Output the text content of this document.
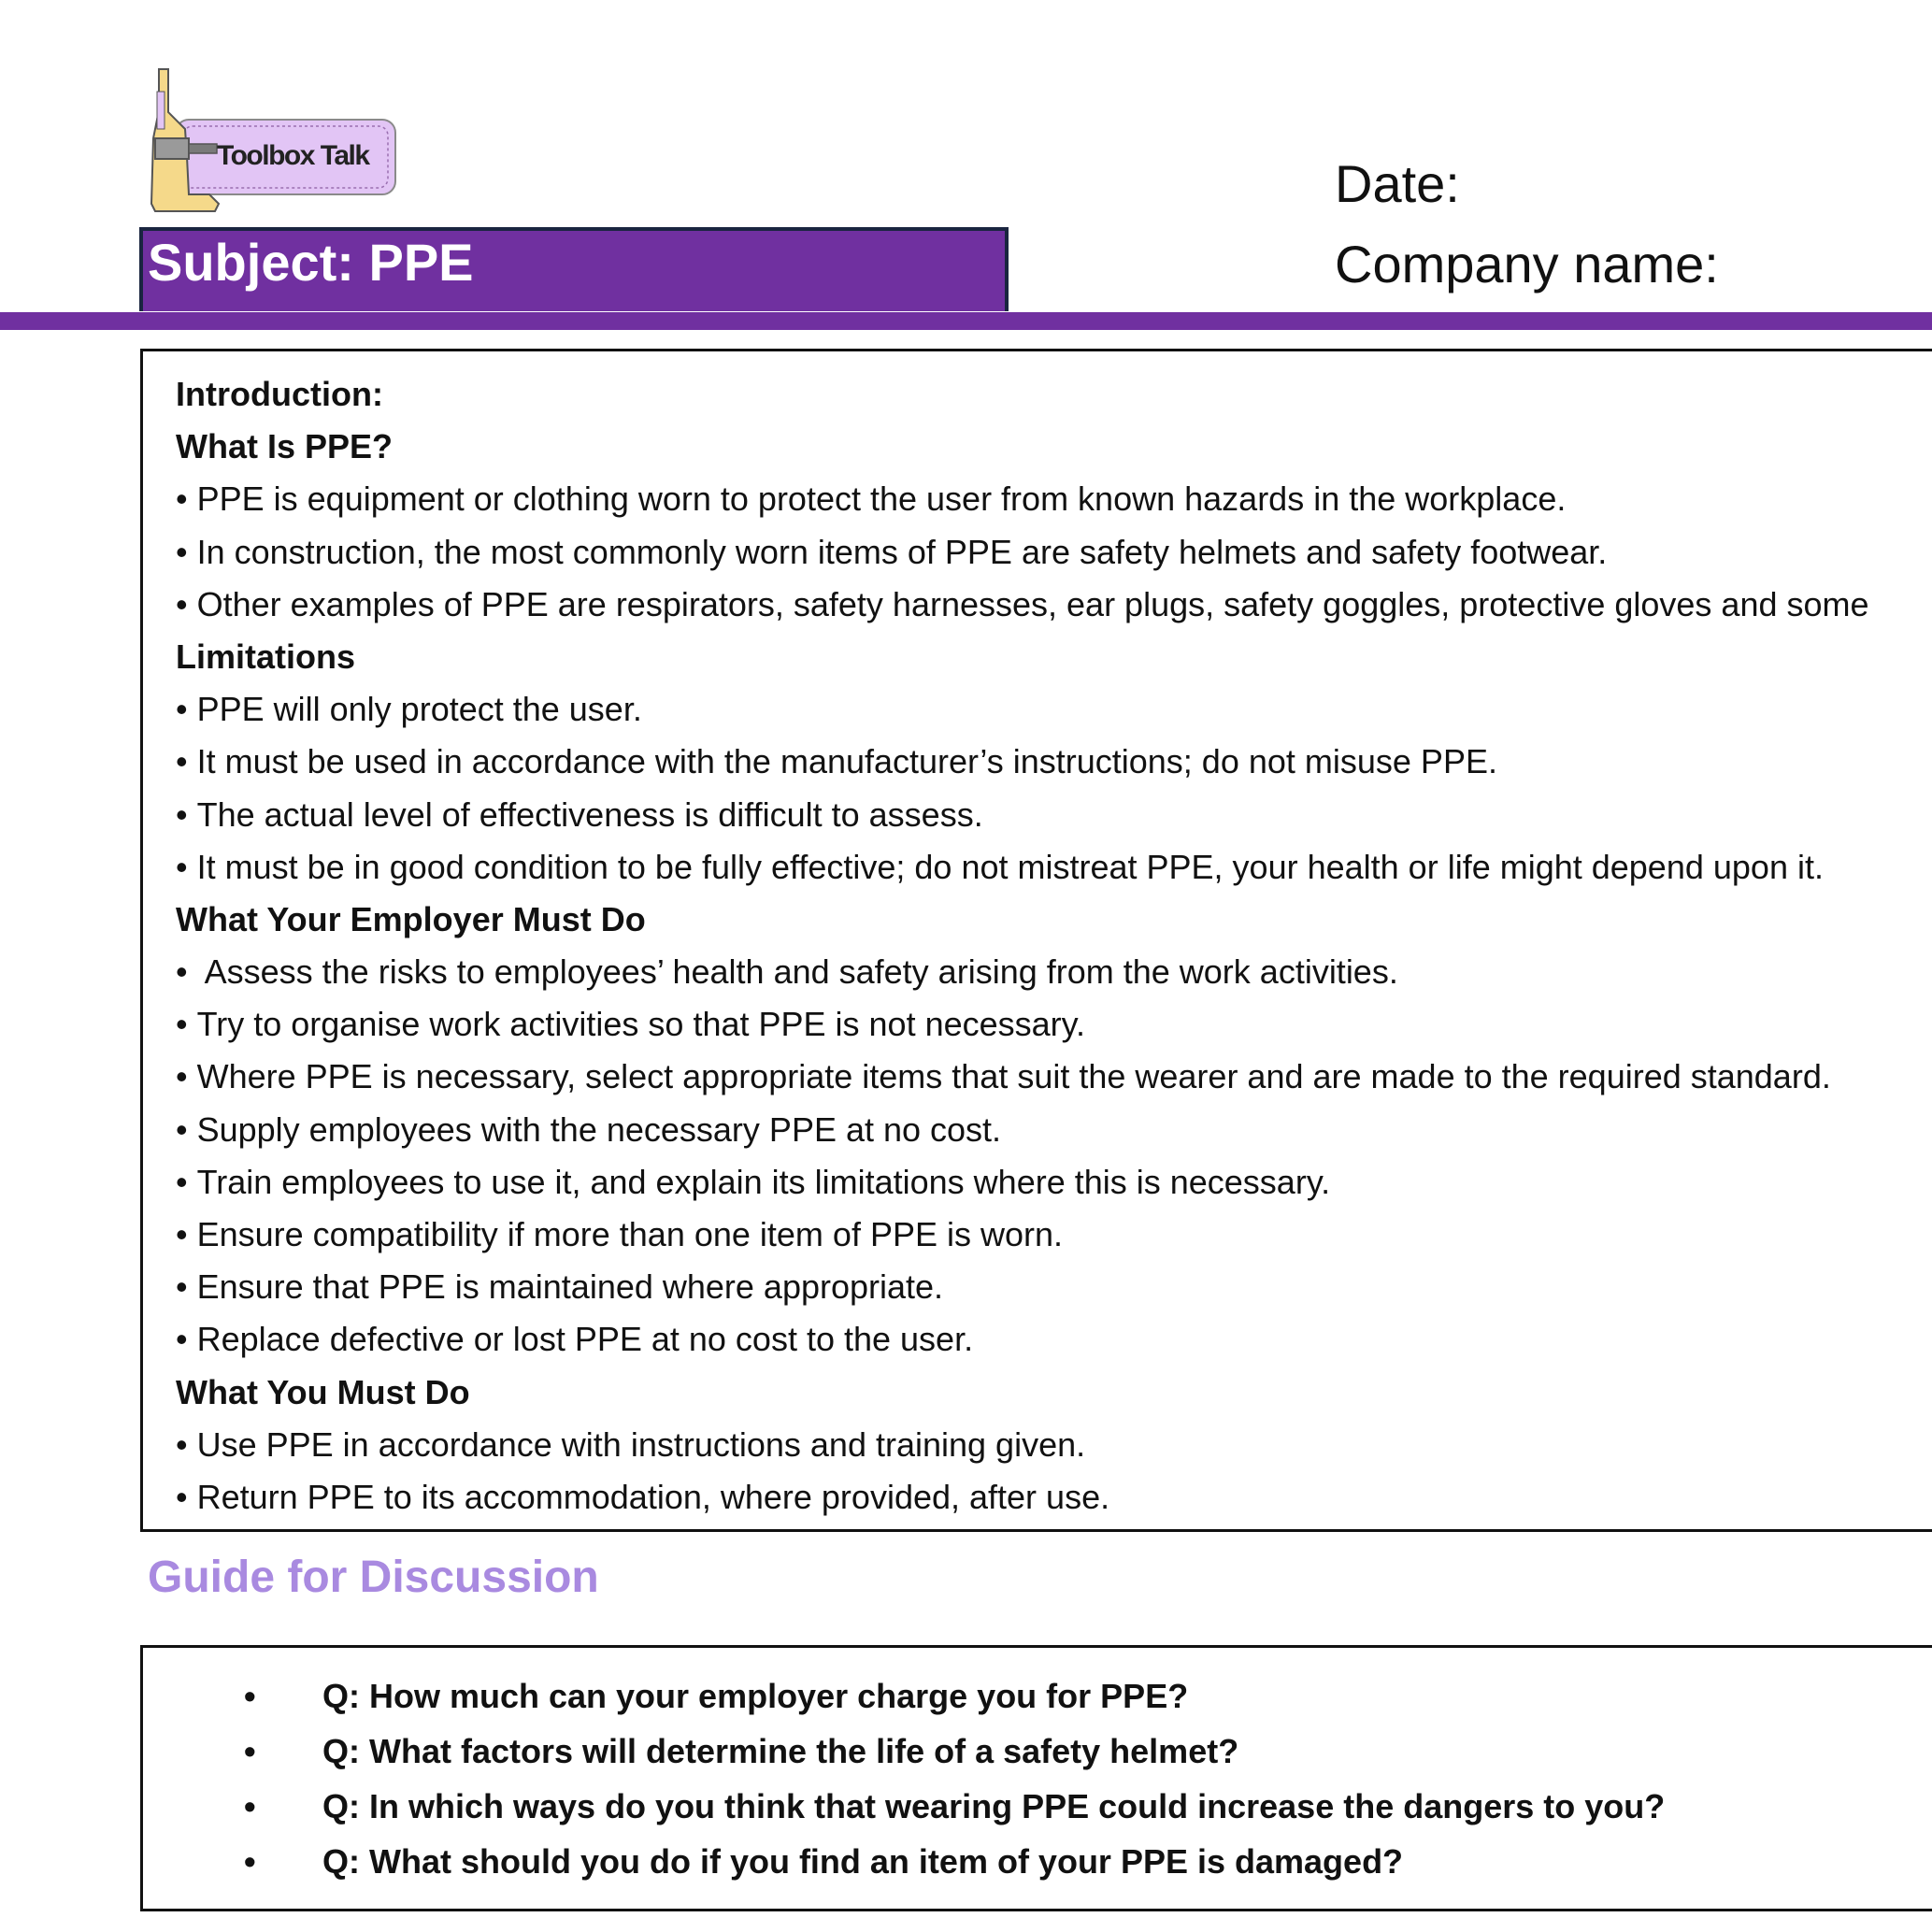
Toolbox Talk
Subject: PPE
Date:
Company name:
Introduction:
What Is PPE?
• PPE is equipment or clothing worn to protect the user from known hazards in the workplace.
• In construction, the most commonly worn items of PPE are safety helmets and safety footwear.
• Other examples of PPE are respirators, safety harnesses, ear plugs, safety goggles, protective gloves and some
Limitations
• PPE will only protect the user.
• It must be used in accordance with the manufacturer’s instructions; do not misuse PPE.
• The actual level of effectiveness is difficult to assess.
• It must be in good condition to be fully effective; do not mistreat PPE, your health or life might depend upon it.
What Your Employer Must Do
•  Assess the risks to employees’ health and safety arising from the work activities.
• Try to organise work activities so that PPE is not necessary.
• Where PPE is necessary, select appropriate items that suit the wearer and are made to the required standard.
• Supply employees with the necessary PPE at no cost.
• Train employees to use it, and explain its limitations where this is necessary.
• Ensure compatibility if more than one item of PPE is worn.
• Ensure that PPE is maintained where appropriate.
• Replace defective or lost PPE at no cost to the user.
What You Must Do
• Use PPE in accordance with instructions and training given.
• Return PPE to its accommodation, where provided, after use.
Guide for Discussion
• Q: How much can your employer charge you for PPE?
• Q: What factors will determine the life of a safety helmet?
• Q: In which ways do you think that wearing PPE could increase the dangers to you?
• Q: What should you do if you find an item of your PPE is damaged?
